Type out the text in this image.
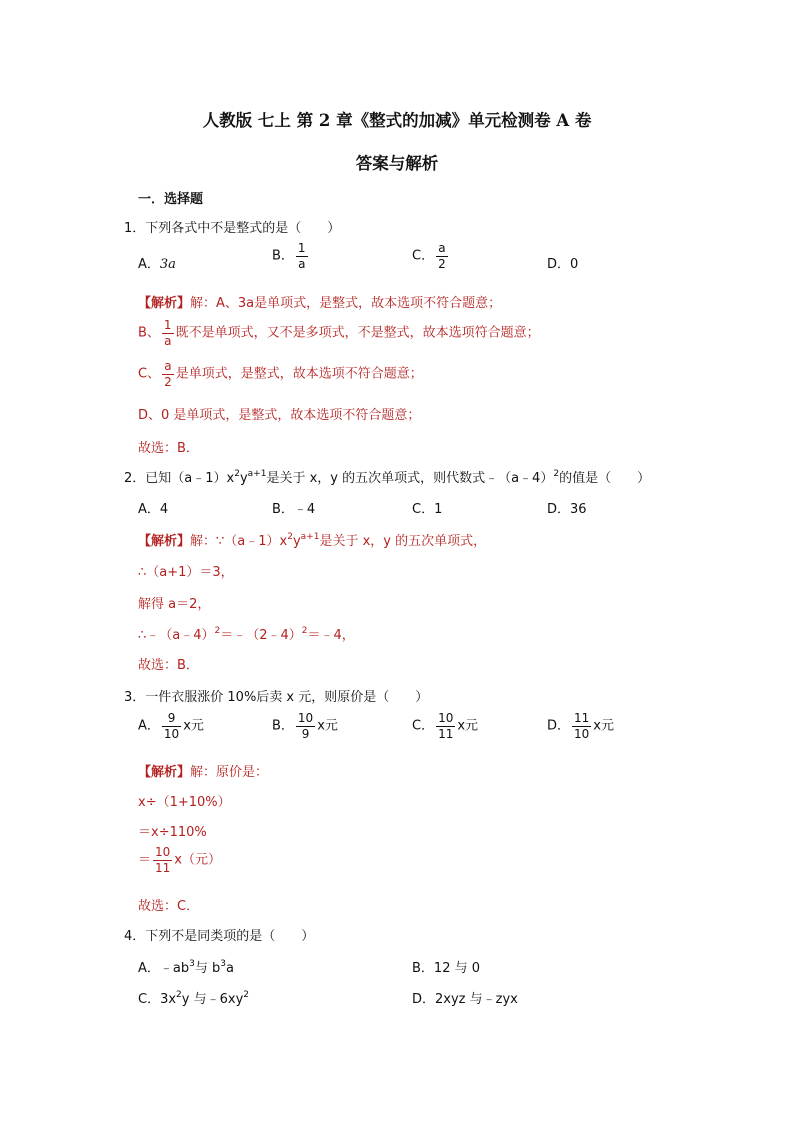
人教版 七上 第 2 章《整式的加减》单元检测卷 A 卷
答案与解析
一．选择题
1．下列各式中不是整式的是（　　）
A．3a
B． $\frac{1}{a}$	C． $\frac{a}{2}$	D．0
【解析】解：A、3a是单项式，是整式，故本选项不符合题意；
B、 $\frac{1}{a}$ 既不是单项式，又不是多项式，不是整式，故本选项符合题意；
C、 $\frac{a}{2}$ 是单项式，是整式，故本选项不符合题意；
D、0 是单项式，是整式，故本选项不符合题意；
故选：B．
2．已知$(a﹣1)x^2y^{a+1}$是关于 x，y 的五次单项式，则代数式﹣（a﹣4）$^2$的值是（　　）
A．4	B．﹣4	C．1	D．36
【解析】解：$\because(a﹣1)x^2y^{a+1}$是关于 x，y 的五次单项式，
∴（a+1）＝3，
解得 a＝2，
∴﹣（a﹣4）$^2$＝﹣（2﹣4）$^2$＝﹣4，
故选：B．
3．一件衣服涨价 10%后卖 x 元，则原价是（　　）
A． $\frac{9}{10}$ x元	B． $\frac{10}{9}$ x元	C． $\frac{10}{11}$ x元	D． $\frac{11}{10}$ x元
【解析】解：原价是：
x÷（1+10%）
＝x÷110%
＝ $\frac{10}{11} x$（元）
故选：C．
4．下列不是同类项的是（　　）
A．$﹣ab^3$与 $b^3a$	B．12 与 0
C．$3x^2y$ 与$﹣6xy^2$	D．2xyz 与﹣zyx
